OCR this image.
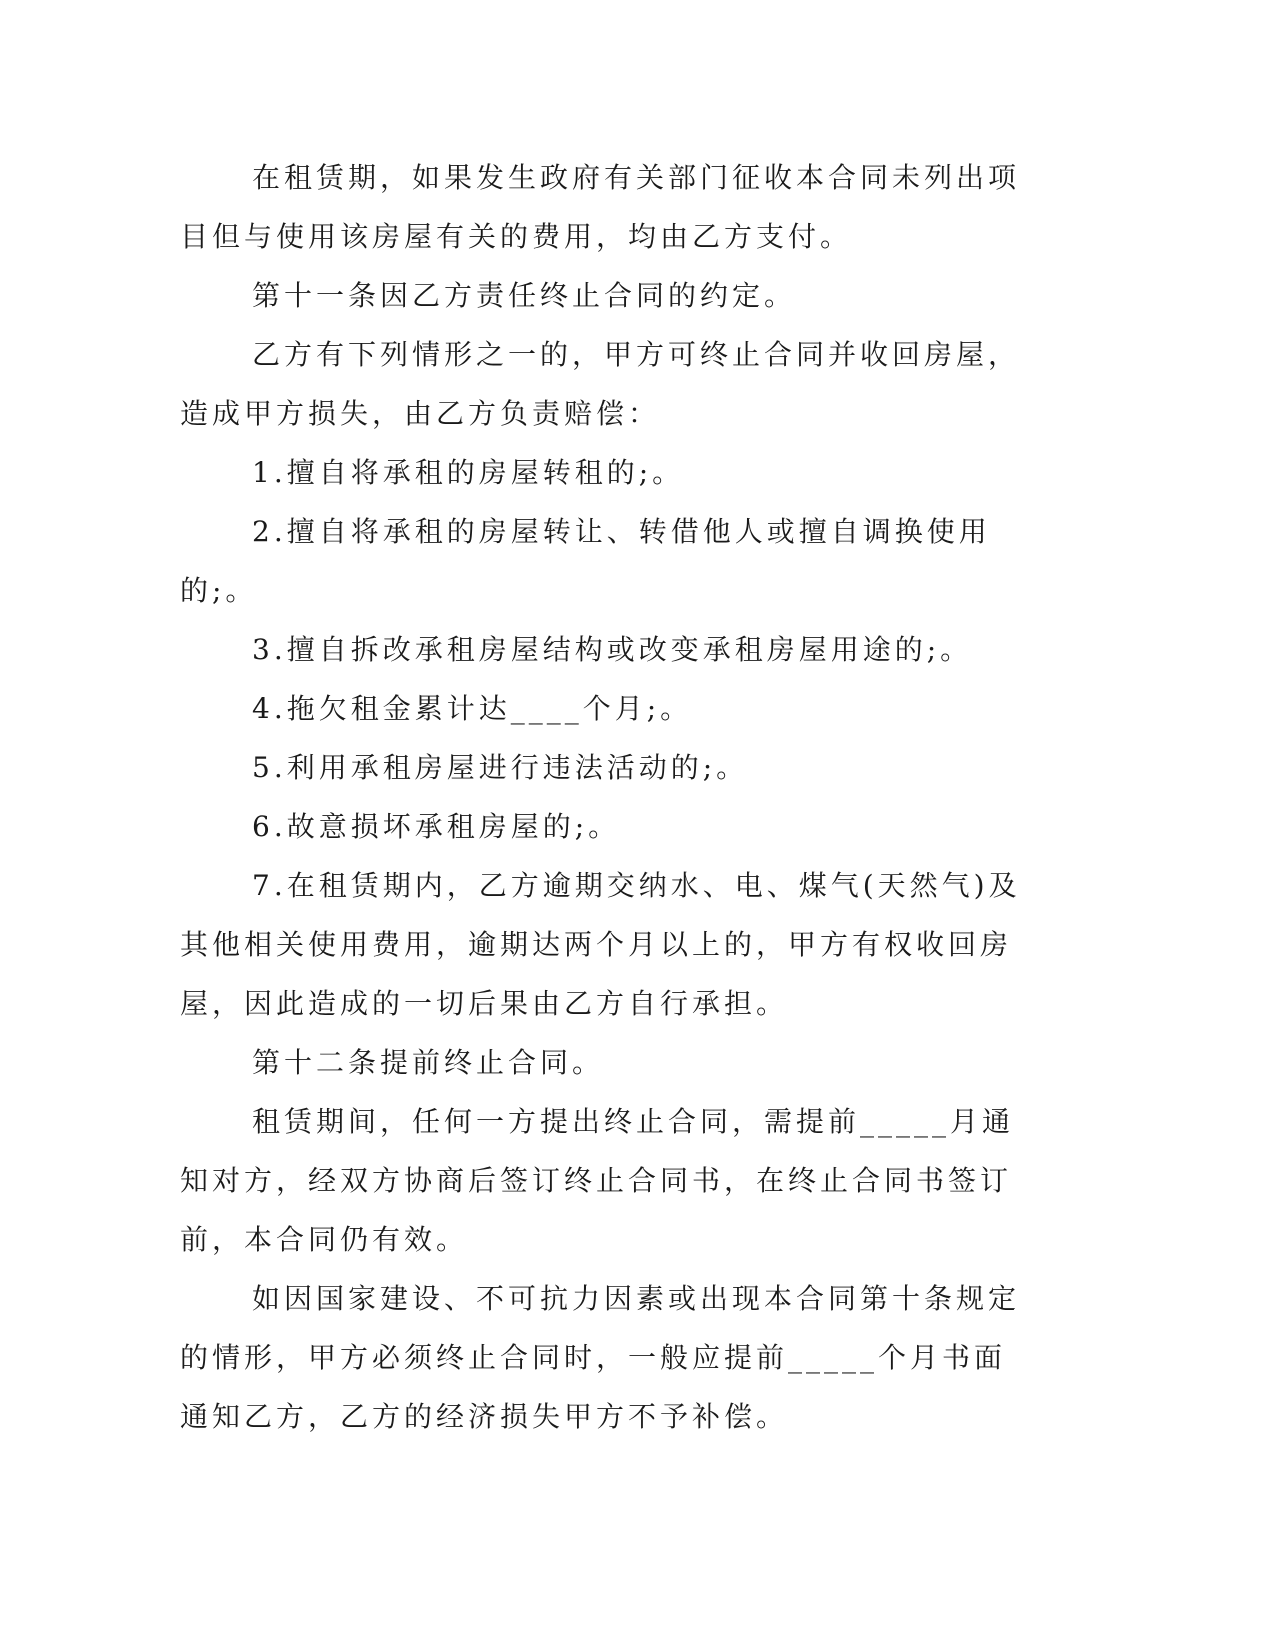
在租赁期，如果发生政府有关部门征收本合同未列出项目但与使用该房屋有关的费用，均由乙方支付。

第十一条因乙方责任终止合同的约定。

乙方有下列情形之一的，甲方可终止合同并收回房屋，造成甲方损失，由乙方负责赔偿：

1.擅自将承租的房屋转租的;。

2.擅自将承租的房屋转让、转借他人或擅自调换使用的;。

3.擅自拆改承租房屋结构或改变承租房屋用途的;。

4.拖欠租金累计达____个月;。

5.利用承租房屋进行违法活动的;。

6.故意损坏承租房屋的;。

7.在租赁期内，乙方逾期交纳水、电、煤气(天然气)及其他相关使用费用，逾期达两个月以上的，甲方有权收回房屋，因此造成的一切后果由乙方自行承担。

第十二条提前终止合同。

租赁期间，任何一方提出终止合同，需提前_____月通知对方，经双方协商后签订终止合同书，在终止合同书签订前，本合同仍有效。

如因国家建设、不可抗力因素或出现本合同第十条规定的情形，甲方必须终止合同时，一般应提前_____个月书面通知乙方，乙方的经济损失甲方不予补偿。
